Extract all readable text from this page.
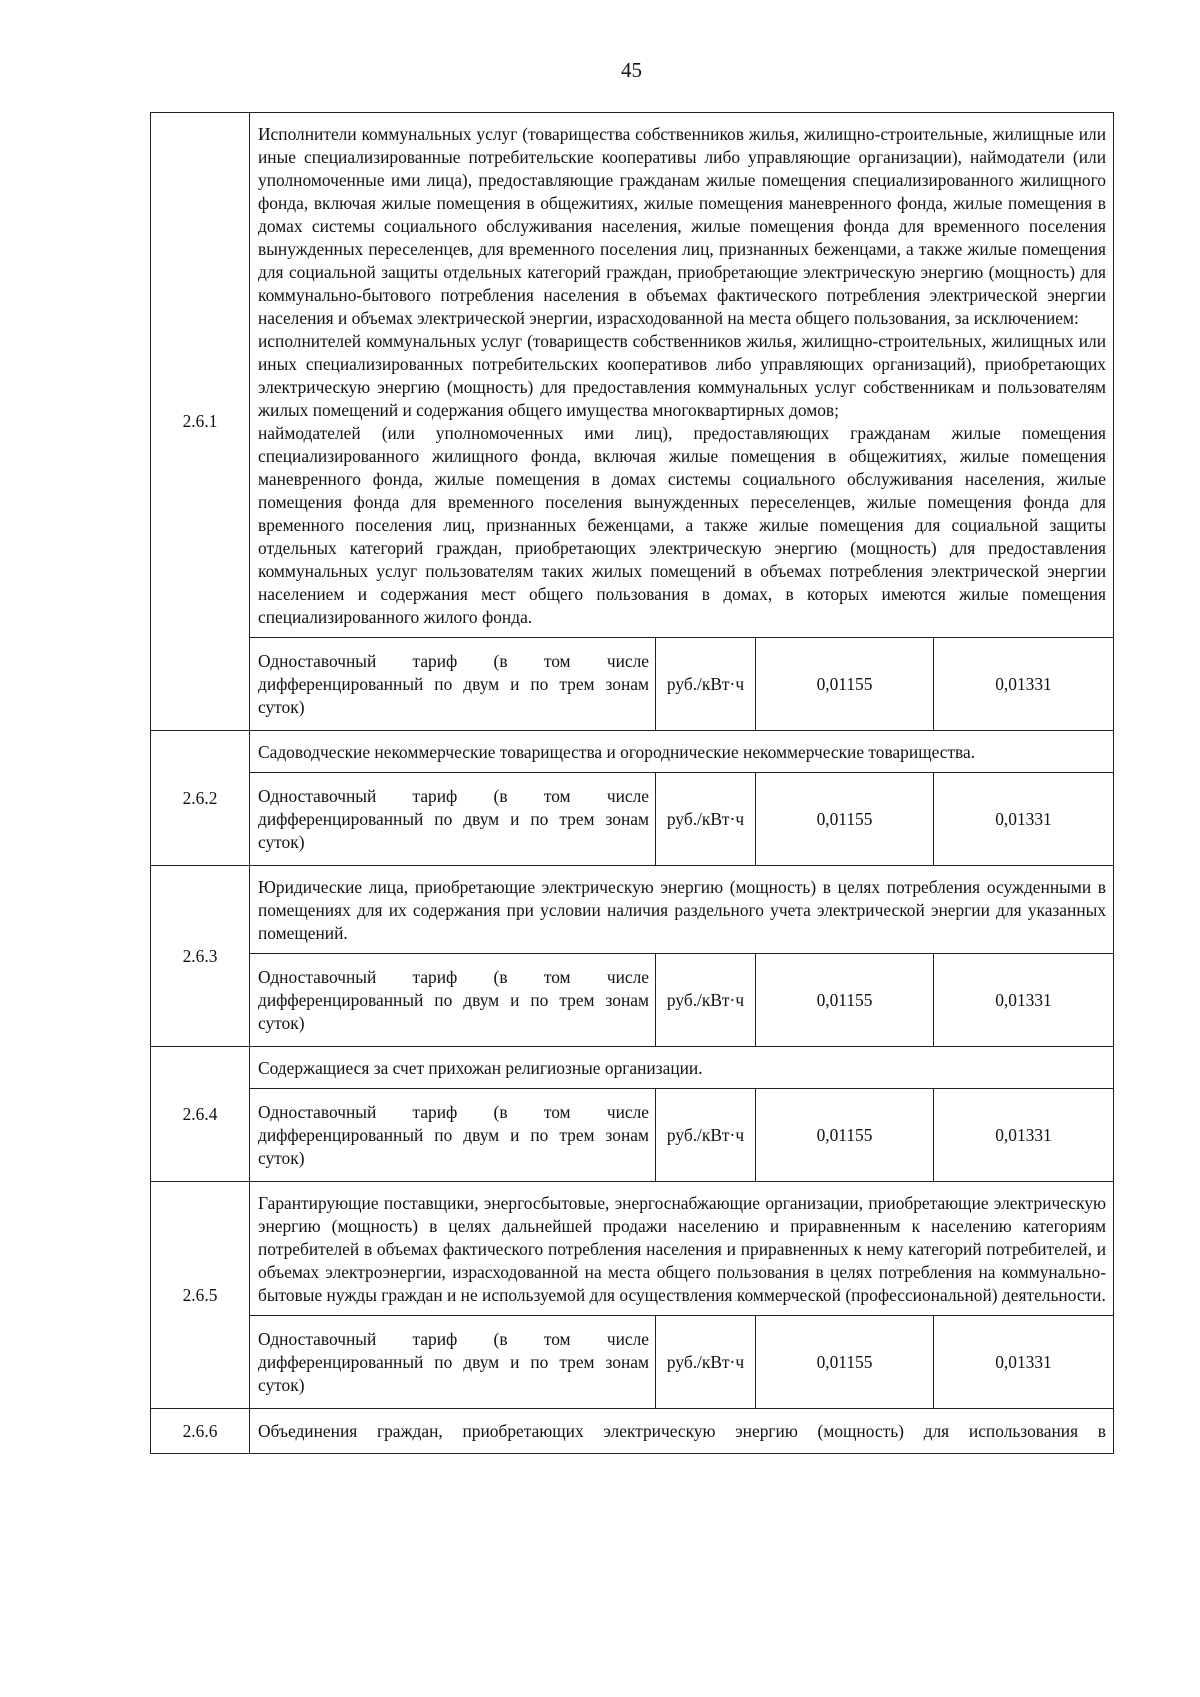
45
2.6.1	Исполнители коммунальных услуг (товарищества собственников жилья, жилищно-строительные, жилищные или иные специализированные потребительские кооперативы либо управляющие организации), наймодатели (или уполномоченные ими лица), предоставляющие гражданам жилые помещения специализированного жилищного фонда, включая жилые помещения в общежитиях, жилые помещения маневренного фонда, жилые помещения в домах системы социального обслуживания населения, жилые помещения фонда для временного поселения вынужденных переселенцев, для временного поселения лиц, признанных беженцами, а также жилые помещения для социальной защиты отдельных категорий граждан, приобретающие электрическую энергию (мощность) для коммунально-бытового потребления населения в объемах фактического потребления электрической энергии населения и объемах электрической энергии, израсходованной на места общего пользования, за исключением:
исполнителей коммунальных услуг (товариществ собственников жилья, жилищно-строительных, жилищных или иных специализированных потребительских кооперативов либо управляющих организаций), приобретающих электрическую энергию (мощность) для предоставления коммунальных услуг собственникам и пользователям жилых помещений и содержания общего имущества многоквартирных домов;
наймодателей (или уполномоченных ими лиц), предоставляющих гражданам жилые помещения специализированного жилищного фонда, включая жилые помещения в общежитиях, жилые помещения маневренного фонда, жилые помещения в домах системы социального обслуживания населения, жилые помещения фонда для временного поселения вынужденных переселенцев, жилые помещения фонда для временного поселения лиц, признанных беженцами, а также жилые помещения для социальной защиты отдельных категорий граждан, приобретающих электрическую энергию (мощность) для предоставления коммунальных услуг пользователям таких жилых помещений в объемах потребления электрической энергии населением и содержания мест общего пользования в домах, в которых имеются жилые помещения специализированного жилого фонда.			

	Одноставочный тариф (в том числе дифференцированный по двум и по трем зонам суток)	руб./кВт·ч	0,01155	0,01331
2.6.2	Садоводческие некоммерческие товарищества и огороднические некоммерческие товарищества.			

	Одноставочный тариф (в том числе дифференцированный по двум и по трем зонам суток)	руб./кВт·ч	0,01155	0,01331
2.6.3	Юридические лица, приобретающие электрическую энергию (мощность) в целях потребления осужденными в помещениях для их содержания при условии наличия раздельного учета электрической энергии для указанных помещений.			

	Одноставочный тариф (в том числе дифференцированный по двум и по трем зонам суток)	руб./кВт·ч	0,01155	0,01331
2.6.4	Содержащиеся за счет прихожан религиозные организации.			

	Одноставочный тариф (в том числе дифференцированный по двум и по трем зонам суток)	руб./кВт·ч	0,01155	0,01331
2.6.5	Гарантирующие поставщики, энергосбытовые, энергоснабжающие организации, приобретающие электрическую энергию (мощность) в целях дальнейшей продажи населению и приравненным к населению категориям потребителей в объемах фактического потребления населения и приравненных к нему категорий потребителей, и объемах электроэнергии, израсходованной на места общего пользования в целях потребления на коммунально-бытовые нужды граждан и не используемой для осуществления коммерческой (профессиональной) деятельности.			

	Одноставочный тариф (в том числе дифференцированный по двум и по трем зонам суток)	руб./кВт·ч	0,01155	0,01331
2.6.6	Объединения граждан, приобретающих электрическую энергию (мощность) для использования в			
